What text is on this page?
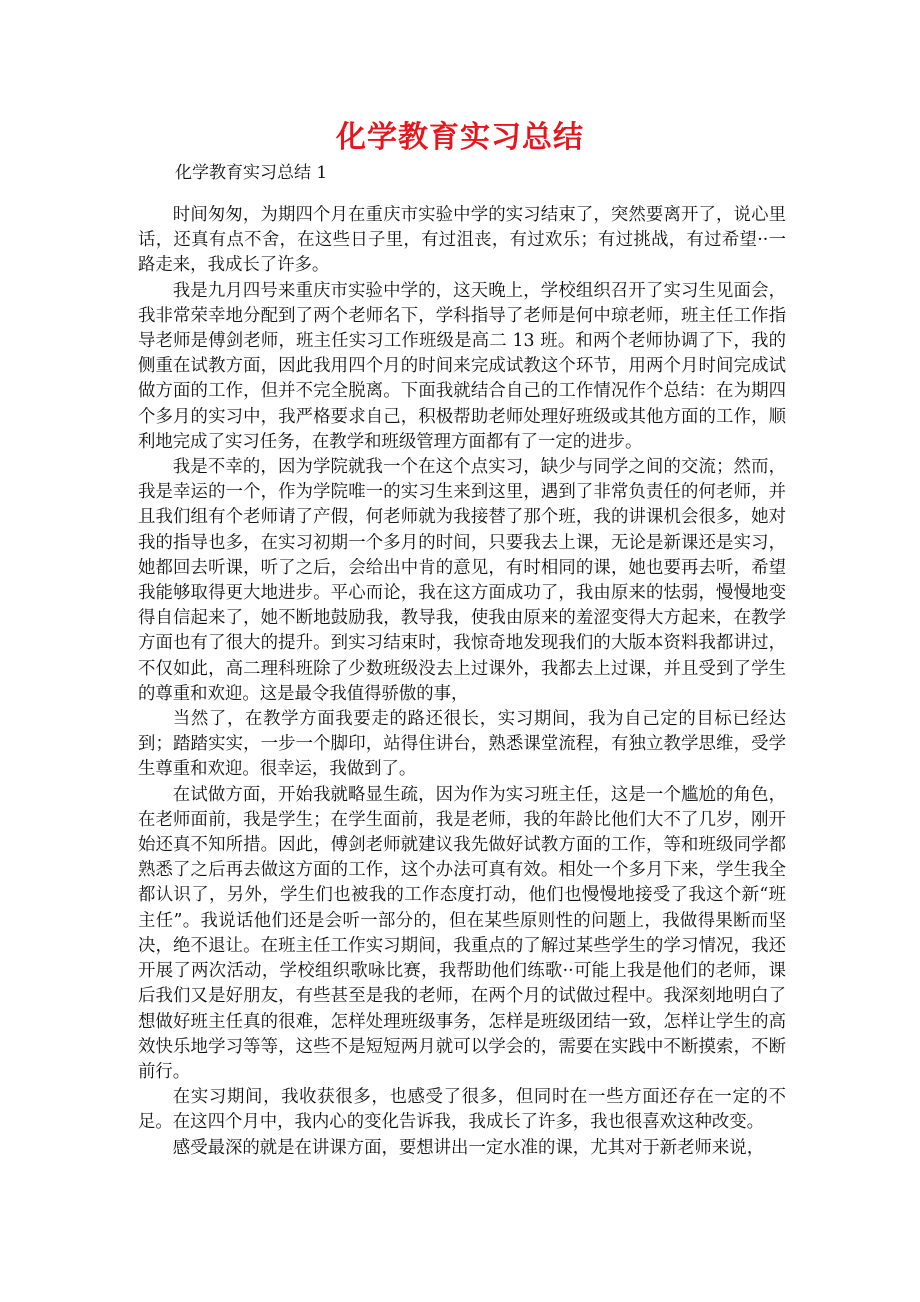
化学教育实习总结
化学教育实习总结 1

时间匆匆，为期四个月在重庆市实验中学的实习结束了，突然要离开了，说心里话，还真有点不舍，在这些日子里，有过沮丧，有过欢乐；有过挑战，有过希望··一路走来，我成长了许多。

我是九月四号来重庆市实验中学的，这天晚上，学校组织召开了实习生见面会，我非常荣幸地分配到了两个老师名下，学科指导了老师是何中琼老师，班主任工作指导老师是傅剑老师，班主任实习工作班级是高二 13 班。和两个老师协调了下，我的侧重在试教方面，因此我用四个月的时间来完成试教这个环节，用两个月时间完成试做方面的工作，但并不完全脱离。下面我就结合自己的工作情况作个总结：在为期四个多月的实习中，我严格要求自己，积极帮助老师处理好班级或其他方面的工作，顺利地完成了实习任务，在教学和班级管理方面都有了一定的进步。

我是不幸的，因为学院就我一个在这个点实习，缺少与同学之间的交流；然而，我是幸运的一个，作为学院唯一的实习生来到这里，遇到了非常负责任的何老师，并且我们组有个老师请了产假，何老师就为我接替了那个班，我的讲课机会很多，她对我的指导也多，在实习初期一个多月的时间，只要我去上课，无论是新课还是实习，她都回去听课，听了之后，会给出中肯的意见，有时相同的课，她也要再去听，希望我能够取得更大地进步。平心而论，我在这方面成功了，我由原来的怯弱，慢慢地变得自信起来了，她不断地鼓励我，教导我，使我由原来的羞涩变得大方起来，在教学方面也有了很大的提升。到实习结束时，我惊奇地发现我们的大版本资料我都讲过，不仅如此，高二理科班除了少数班级没去上过课外，我都去上过课，并且受到了学生的尊重和欢迎。这是最令我值得骄傲的事，

当然了，在教学方面我要走的路还很长，实习期间，我为自己定的目标已经达到；踏踏实实，一步一个脚印，站得住讲台，熟悉课堂流程，有独立教学思维，受学生尊重和欢迎。很幸运，我做到了。

在试做方面，开始我就略显生疏，因为作为实习班主任，这是一个尴尬的角色，在老师面前，我是学生；在学生面前，我是老师，我的年龄比他们大不了几岁，刚开始还真不知所措。因此，傅剑老师就建议我先做好试教方面的工作，等和班级同学都熟悉了之后再去做这方面的工作，这个办法可真有效。相处一个多月下来，学生我全都认识了，另外，学生们也被我的工作态度打动，他们也慢慢地接受了我这个新“班主任”。我说话他们还是会听一部分的，但在某些原则性的问题上，我做得果断而坚决，绝不退让。在班主任工作实习期间，我重点的了解过某些学生的学习情况，我还开展了两次活动，学校组织歌咏比赛，我帮助他们练歌··可能上我是他们的老师，课后我们又是好朋友，有些甚至是我的老师，在两个月的试做过程中。我深刻地明白了想做好班主任真的很难，怎样处理班级事务，怎样是班级团结一致，怎样让学生的高效快乐地学习等等，这些不是短短两月就可以学会的，需要在实践中不断摸索，不断前行。

在实习期间，我收获很多，也感受了很多，但同时在一些方面还存在一定的不足。在这四个月中，我内心的变化告诉我，我成长了许多，我也很喜欢这种改变。

感受最深的就是在讲课方面，要想讲出一定水准的课，尤其对于新老师来说，
